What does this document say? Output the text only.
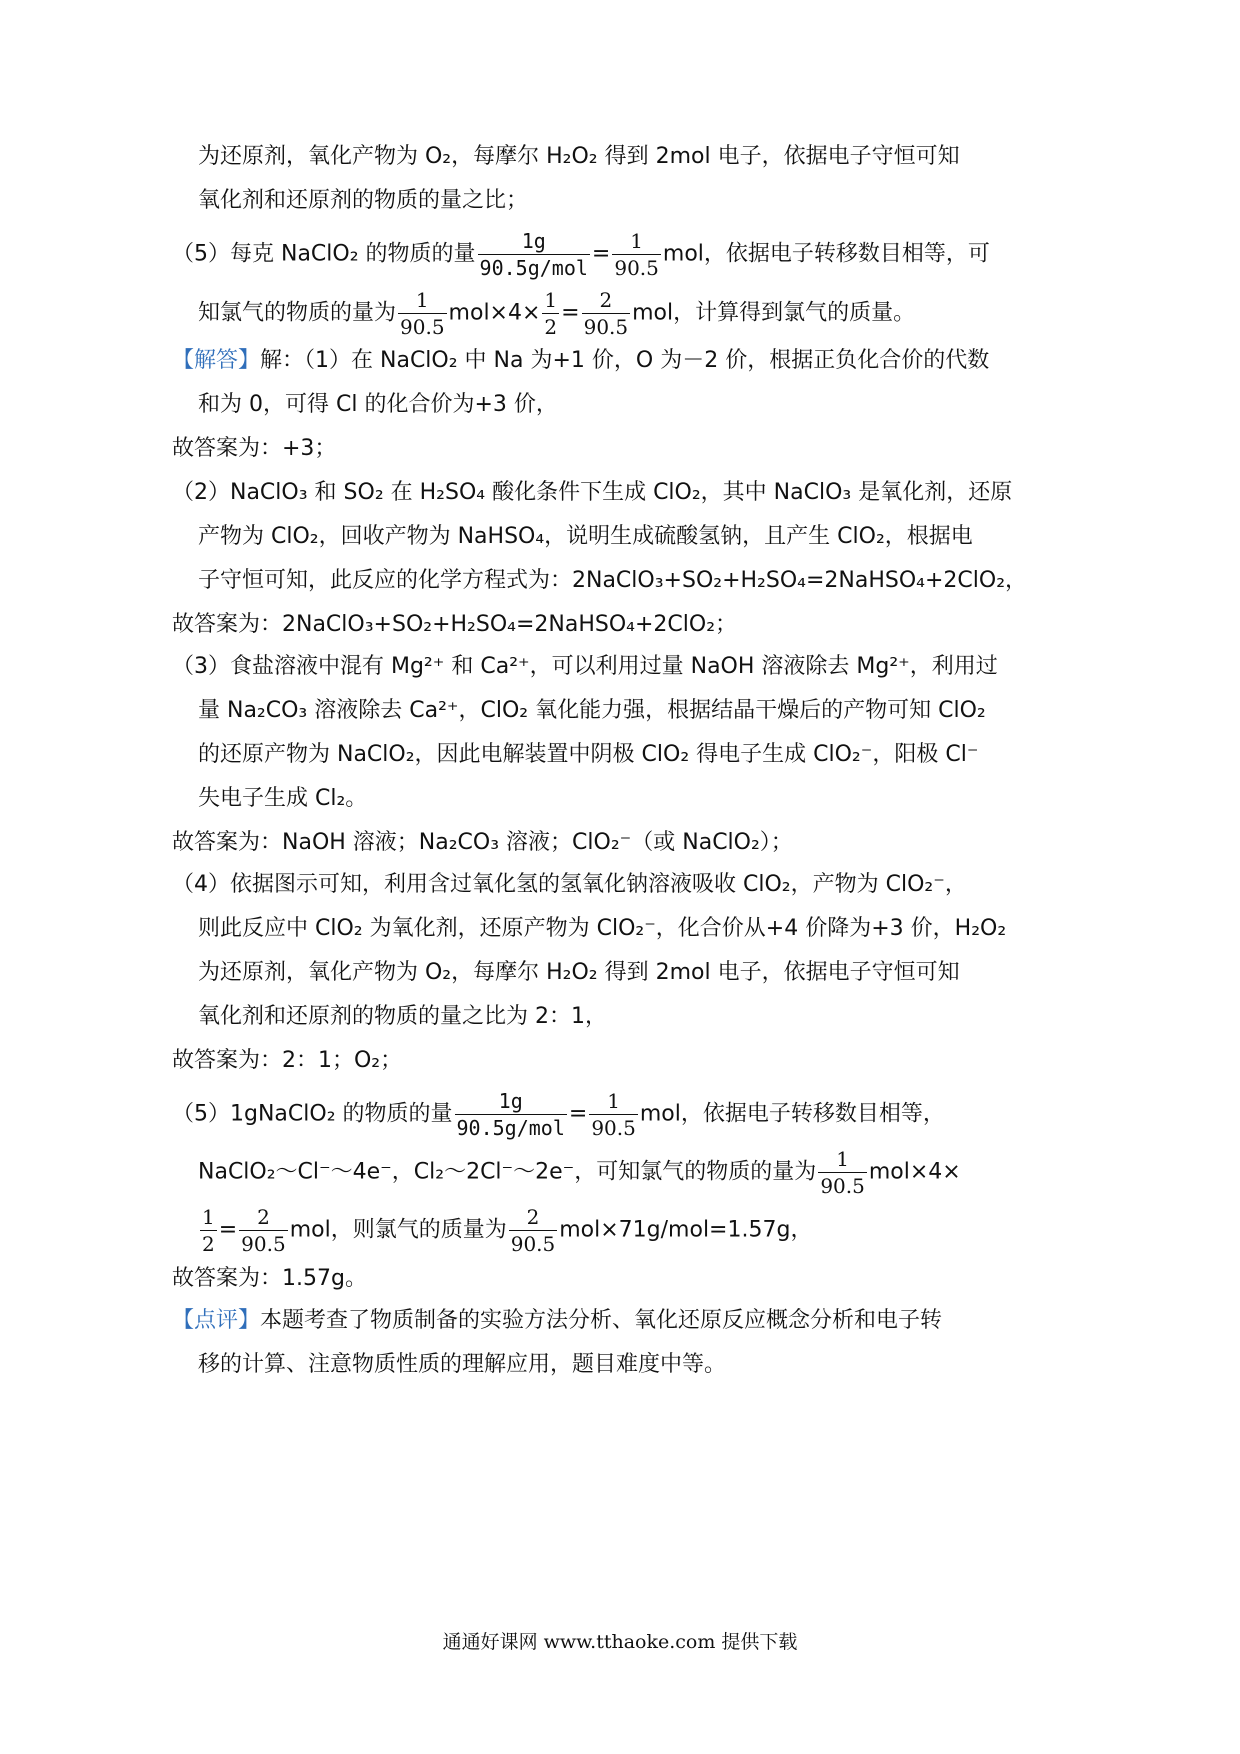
为还原剂，氧化产物为 O₂，每摩尔 H₂O₂ 得到 2mol 电子，依据电子守恒可知
氧化剂和还原剂的物质的量之比；
（5）每克 NaClO₂ 的物质的量
1g
90.5g/mol
= $\frac{1}{90.5}$ mol，依据电子转移数目相等，可
知氯气的物质的量为 $\frac{1}{90.5} mol\times 4\times \frac{1}{2} = \frac{2}{90.5}$ mol，计算得到氯气的质量。
【解答】解：（1）在 NaClO₂ 中 Na 为+1 价，O 为－2 价，根据正负化合价的代数
和为 0，可得 Cl 的化合价为+3 价，
故答案为：+3；
（2）NaClO₃ 和 SO₂ 在 H₂SO₄ 酸化条件下生成 ClO₂，其中 NaClO₃ 是氧化剂，还原
产物为 ClO₂，回收产物为 NaHSO₄，说明生成硫酸氢钠，且产生 ClO₂，根据电
子守恒可知，此反应的化学方程式为：2NaClO₃+SO₂+H₂SO₄=2NaHSO₄+2ClO₂，
故答案为：2NaClO₃+SO₂+H₂SO₄=2NaHSO₄+2ClO₂；
（3）食盐溶液中混有 Mg²⁺ 和 Ca²⁺，可以利用过量 NaOH 溶液除去 Mg²⁺，利用过
量 Na₂CO₃ 溶液除去 Ca²⁺，ClO₂ 氧化能力强，根据结晶干燥后的产物可知 ClO₂
的还原产物为 NaClO₂，因此电解装置中阴极 ClO₂ 得电子生成 ClO₂⁻，阳极 Cl⁻
失电子生成 Cl₂。
故答案为：NaOH 溶液；Na₂CO₃ 溶液；ClO₂⁻（或 NaClO₂）；
（4）依据图示可知，利用含过氧化氢的氢氧化钠溶液吸收 ClO₂，产物为 ClO₂⁻，
则此反应中 ClO₂ 为氧化剂，还原产物为 ClO₂⁻，化合价从+4 价降为+3 价，H₂O₂
为还原剂，氧化产物为 O₂，每摩尔 H₂O₂ 得到 2mol 电子，依据电子守恒可知
氧化剂和还原剂的物质的量之比为 2：1，
故答案为：2：1；O₂；
（5）1gNaClO₂ 的物质的量
1g
90.5g/mol
= $\frac{1}{90.5}$ mol，依据电子转移数目相等，
NaClO₂～Cl⁻～4e⁻，Cl₂～2Cl⁻～2e⁻，可知氯气的物质的量为 $\frac{1}{90.5} mol\times 4\times$
$\frac{1}{2} = \frac{2}{90.5}$ mol，则氯气的质量为 $\frac{2}{90.5} mol\times 71g/mol=1.57g$，
故答案为：1.57g。
【点评】本题考查了物质制备的实验方法分析、氧化还原反应概念分析和电子转
移的计算、注意物质性质的理解应用，题目难度中等。
通通好课网 www.tthaoke.com 提供下载
